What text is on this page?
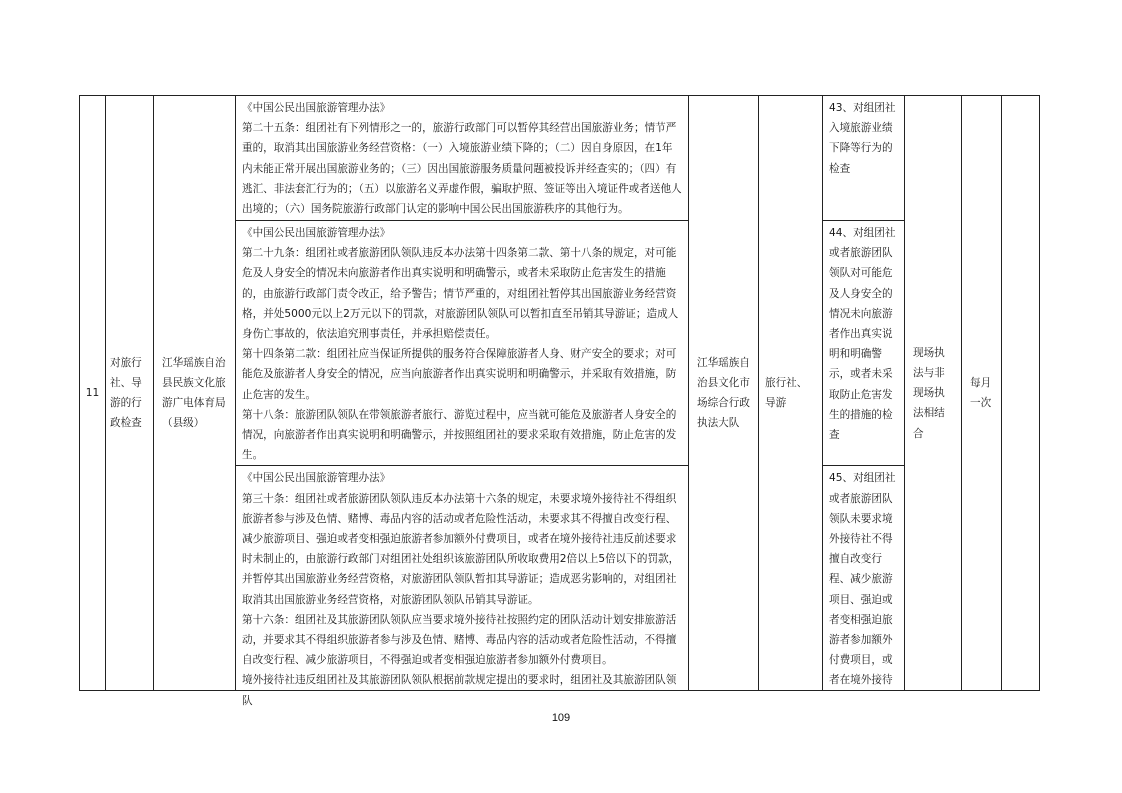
11	对旅行社、导游的行政检查	江华瑶族自治县民族文化旅游广电体育局（县级）	《中国公民出国旅游管理办法》

第二十五条：组团社有下列情形之一的，旅游行政部门可以暂停其经营出国旅游业务；情节严重的，取消其出国旅游业务经营资格：（一）入境旅游业绩下降的；（二）因自身原因，在1年内未能正常开展出国旅游业务的；（三）因出国旅游服务质量问题被投诉并经查实的；（四）有逃汇、非法套汇行为的；（五）以旅游名义弄虚作假，骗取护照、签证等出入境证件或者送他人出境的；（六）国务院旅游行政部门认定的影响中国公民出国旅游秩序的其他行为。	江华瑶族自治县文化市场综合行政执法大队	旅行社、导游	43、对组团社入境旅游业绩下降等行为的检查	现场执法与非现场执法相结合	每月一次	

			《中国公民出国旅游管理办法》

第二十九条：组团社或者旅游团队领队违反本办法第十四条第二款、第十八条的规定，对可能危及人身安全的情况未向旅游者作出真实说明和明确警示，或者未采取防止危害发生的措施的，由旅游行政部门责令改正，给予警告；情节严重的，对组团社暂停其出国旅游业务经营资格，并处5000元以上2万元以下的罚款，对旅游团队领队可以暂扣直至吊销其导游证；造成人身伤亡事故的，依法追究刑事责任，并承担赔偿责任。

第十四条第二款：组团社应当保证所提供的服务符合保障旅游者人身、财产安全的要求；对可能危及旅游者人身安全的情况，应当向旅游者作出真实说明和明确警示，并采取有效措施，防止危害的发生。

第十八条：旅游团队领队在带领旅游者旅行、游览过程中，应当就可能危及旅游者人身安全的情况，向旅游者作出真实说明和明确警示，并按照组团社的要求采取有效措施，防止危害的发生。			44、对组团社或者旅游团队领队对可能危及人身安全的情况未向旅游者作出真实说明和明确警示，或者未采取防止危害发生的措施的检查			

			《中国公民出国旅游管理办法》

第三十条：组团社或者旅游团队领队违反本办法第十六条的规定，未要求境外接待社不得组织旅游者参与涉及色情、赌博、毒品内容的活动或者危险性活动，未要求其不得擅自改变行程、减少旅游项目、强迫或者变相强迫旅游者参加额外付费项目，或者在境外接待社违反前述要求时未制止的，由旅游行政部门对组团社处组织该旅游团队所收取费用2倍以上5倍以下的罚款，并暂停其出国旅游业务经营资格，对旅游团队领队暂扣其导游证；造成恶劣影响的，对组团社取消其出国旅游业务经营资格，对旅游团队领队吊销其导游证。

第十六条：组团社及其旅游团队领队应当要求境外接待社按照约定的团队活动计划安排旅游活动，并要求其不得组织旅游者参与涉及色情、赌博、毒品内容的活动或者危险性活动，不得擅自改变行程、减少旅游项目，不得强迫或者变相强迫旅游者参加额外付费项目。

境外接待社违反组团社及其旅游团队领队根据前款规定提出的要求时，组团社及其旅游团队领队			45、对组团社或者旅游团队领队未要求境外接待社不得擅自改变行程、减少旅游项目、强迫或者变相强迫旅游者参加额外付费项目，或者在境外接待			
109
